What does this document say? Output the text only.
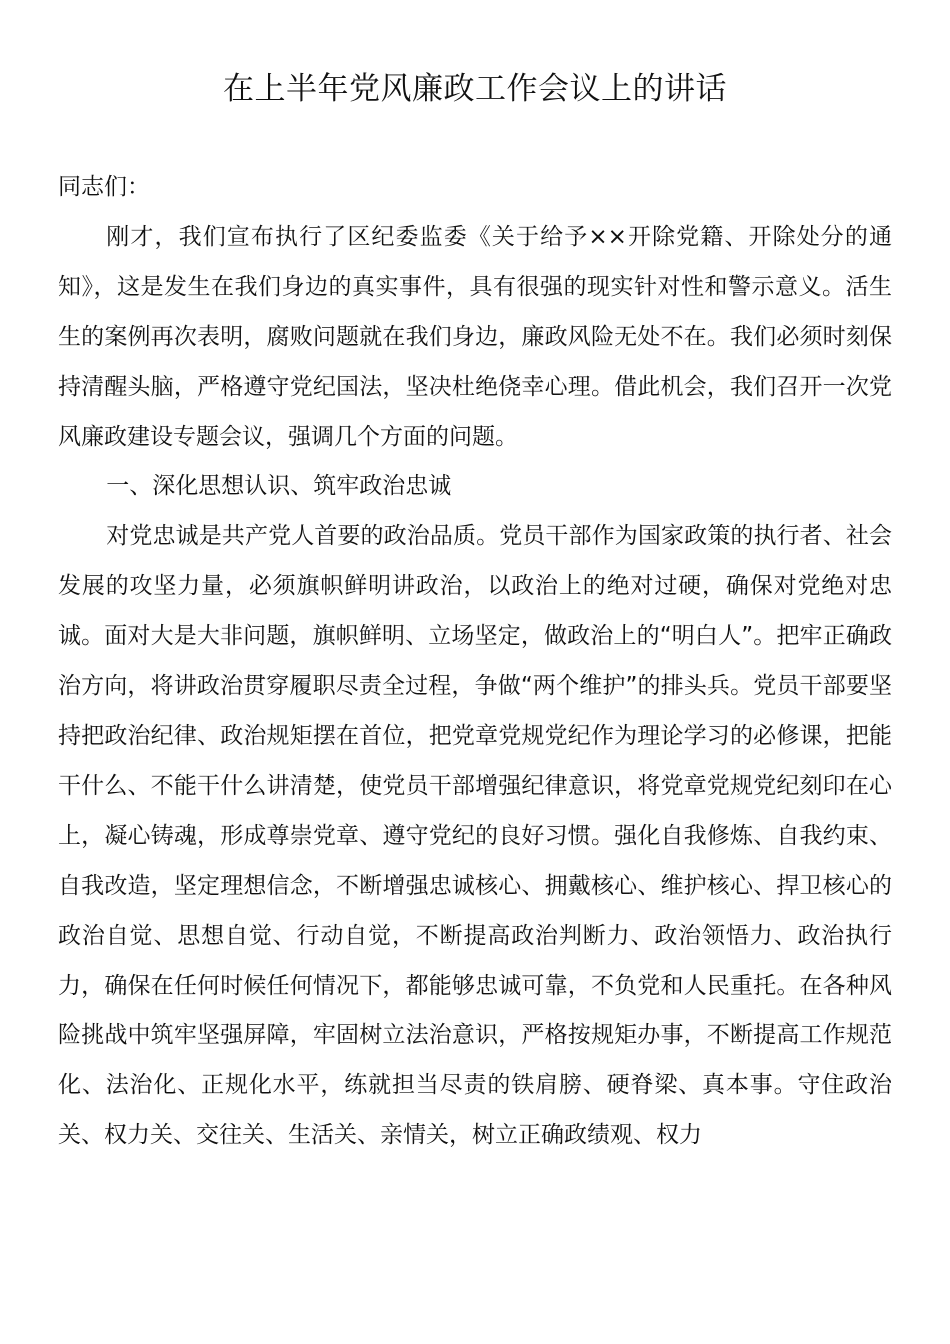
在上半年党风廉政工作会议上的讲话

同志们：

刚才，我们宣布执行了区纪委监委《关于给予××开除党籍、开除处分的通知》，这是发生在我们身边的真实事件，具有很强的现实针对性和警示意义。活生生的案例再次表明，腐败问题就在我们身边，廉政风险无处不在。我们必须时刻保持清醒头脑，严格遵守党纪国法，坚决杜绝侥幸心理。借此机会，我们召开一次党风廉政建设专题会议，强调几个方面的问题。

一、深化思想认识、筑牢政治忠诚

对党忠诚是共产党人首要的政治品质。党员干部作为国家政策的执行者、社会发展的攻坚力量，必须旗帜鲜明讲政治，以政治上的绝对过硬，确保对党绝对忠诚。面对大是大非问题，旗帜鲜明、立场坚定，做政治上的“明白人”。把牢正确政治方向，将讲政治贯穿履职尽责全过程，争做“两个维护”的排头兵。党员干部要坚持把政治纪律、政治规矩摆在首位，把党章党规党纪作为理论学习的必修课，把能干什么、不能干什么讲清楚，使党员干部增强纪律意识，将党章党规党纪刻印在心上，凝心铸魂，形成尊崇党章、遵守党纪的良好习惯。强化自我修炼、自我约束、自我改造，坚定理想信念，不断增强忠诚核心、拥戴核心、维护核心、捍卫核心的政治自觉、思想自觉、行动自觉，不断提高政治判断力、政治领悟力、政治执行力，确保在任何时候任何情况下，都能够忠诚可靠，不负党和人民重托。在各种风险挑战中筑牢坚强屏障，牢固树立法治意识，严格按规矩办事，不断提高工作规范化、法治化、正规化水平，练就担当尽责的铁肩膀、硬脊梁、真本事。守住政治关、权力关、交往关、生活关、亲情关，树立正确政绩观、权力
